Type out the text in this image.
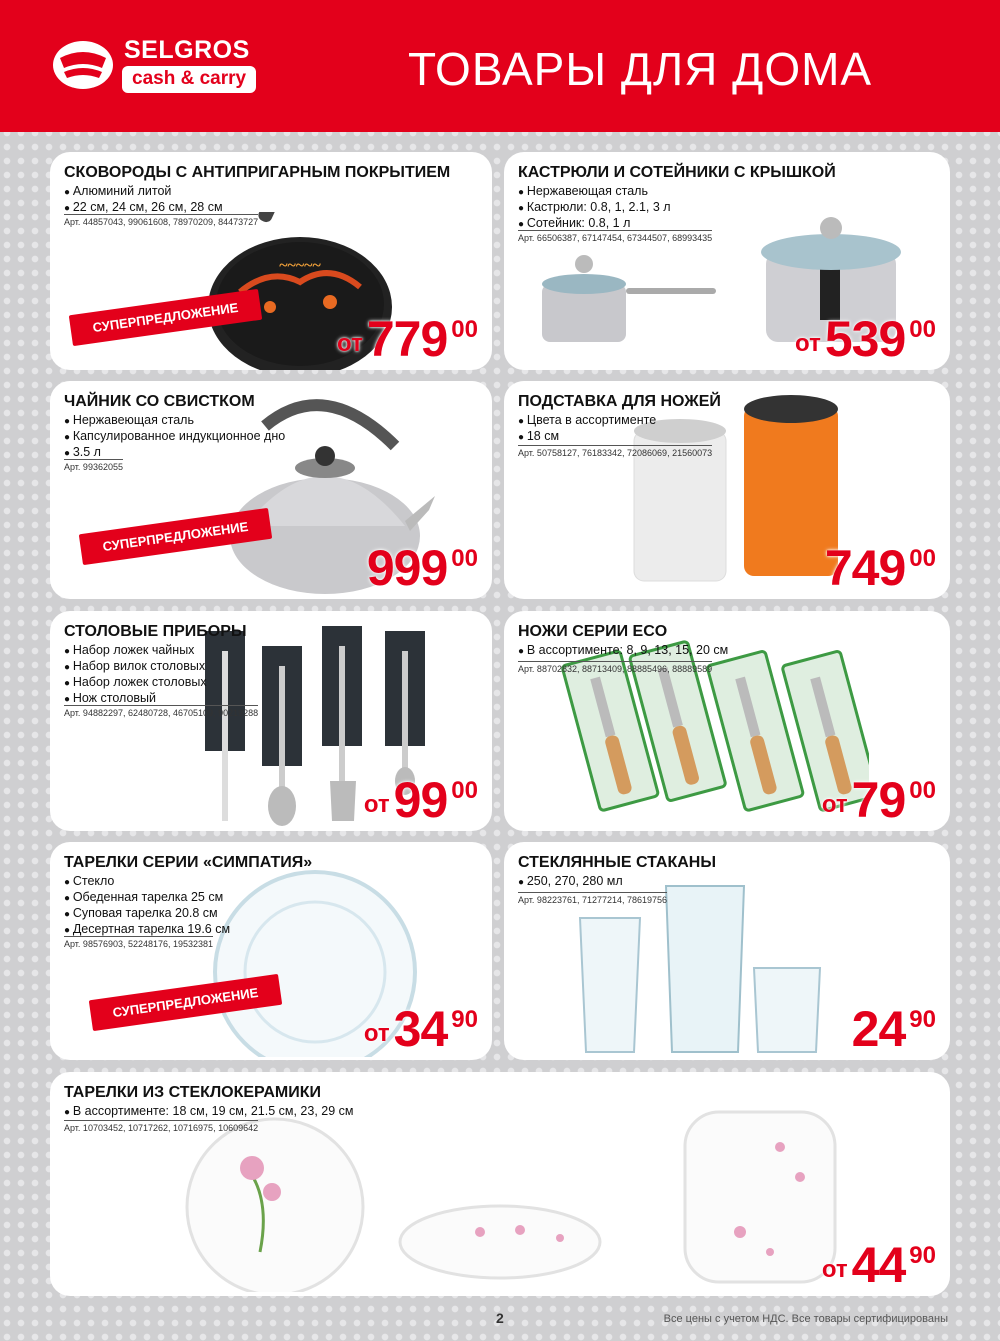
SELGROS
cash & carry	ТОВАРЫ ДЛЯ ДОМА
СКОВОРОДЫ С АНТИПРИГАРНЫМ ПОКРЫТИЕМ
● Алюминий литой
● 22 см, 24 см, 26 см, 28 см
Арт. 44857043, 99061608, 78970209, 84473727
~~~~~
СУПЕРПРЕДЛОЖЕНИЕ
от 779 00
КАСТРЮЛИ И СОТЕЙНИКИ С КРЫШКОЙ
● Нержавеющая сталь
● Кастрюли: 0.8, 1, 2.1, 3 л
● Сотейник: 0.8, 1 л
Арт. 66506387, 67147454, 67344507, 68993435
от 539 00
ЧАЙНИК СО СВИСТКОМ
● Нержавеющая сталь
● Капсулированное индукционное дно
● 3.5 л
Арт. 99362055
СУПЕРПРЕДЛОЖЕНИЕ
999 00
ПОДСТАВКА ДЛЯ НОЖЕЙ
● Цвета в ассортименте
● 18 см
Арт. 50758127, 76183342, 72086069, 21560073
749 00
СТОЛОВЫЕ ПРИБОРЫ
● Набор ложек чайных
● Набор вилок столовых
● Набор ложек столовых
● Нож столовый
Арт. 94882297, 62480728, 46705109, 90219288
от 99 00
НОЖИ СЕРИИ ECO
● В ассортименте: 8, 9, 13, 15, 20 см
Арт. 88702832, 88713409, 88885496, 88889589
от 79 00
ТАРЕЛКИ СЕРИИ «СИМПАТИЯ»
● Стекло
● Обеденная тарелка 25 см
● Суповая тарелка 20.8 см
● Десертная тарелка 19.6 см
Арт. 98576903, 52248176, 19532381
СУПЕРПРЕДЛОЖЕНИЕ
от 34 90
СТЕКЛЯННЫЕ СТАКАНЫ
● 250, 270, 280 мл
Арт. 98223761, 71277214, 78619756
24 90
ТАРЕЛКИ ИЗ СТЕКЛОКЕРАМИКИ
● В ассортименте: 18 см, 19 см, 21.5 см, 23, 29 см
Арт. 10703452, 10717262, 10716975, 10609642
от 44 90
2	Все цены с учетом НДС. Все товары сертифицированы
